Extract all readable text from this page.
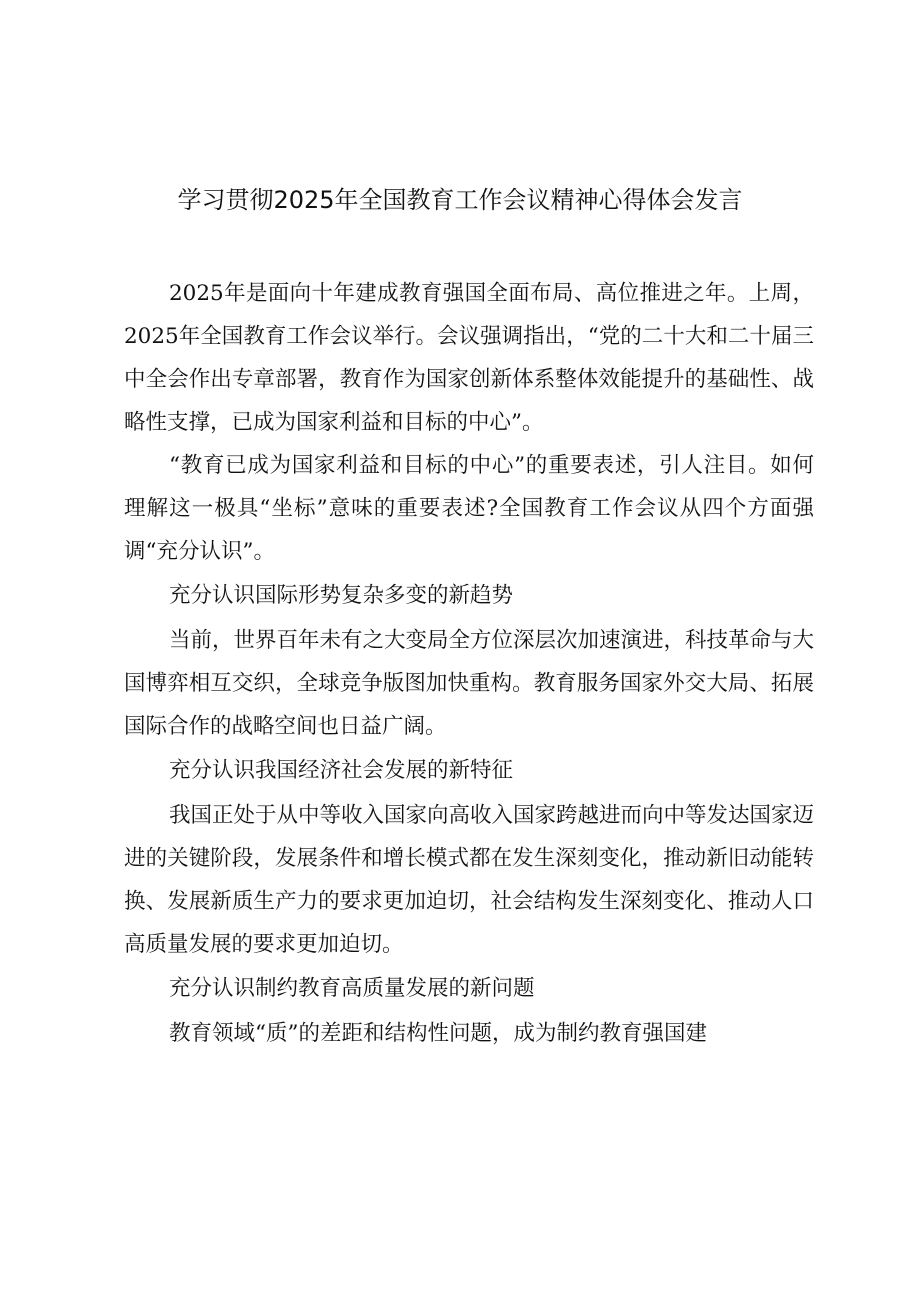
学习贯彻2025年全国教育工作会议精神心得体会发言

2025年是面向十年建成教育强国全面布局、高位推进之年。上周，2025年全国教育工作会议举行。会议强调指出，“党的二十大和二十届三中全会作出专章部署，教育作为国家创新体系整体效能提升的基础性、战略性支撑，已成为国家利益和目标的中心”。

“教育已成为国家利益和目标的中心”的重要表述，引人注目。如何理解这一极具“坐标”意味的重要表述?全国教育工作会议从四个方面强调“充分认识”。

充分认识国际形势复杂多变的新趋势

当前，世界百年未有之大变局全方位深层次加速演进，科技革命与大国博弈相互交织，全球竞争版图加快重构。教育服务国家外交大局、拓展国际合作的战略空间也日益广阔。

充分认识我国经济社会发展的新特征

我国正处于从中等收入国家向高收入国家跨越进而向中等发达国家迈进的关键阶段，发展条件和增长模式都在发生深刻变化，推动新旧动能转换、发展新质生产力的要求更加迫切，社会结构发生深刻变化、推动人口高质量发展的要求更加迫切。

充分认识制约教育高质量发展的新问题

教育领域“质”的差距和结构性问题，成为制约教育强国建
